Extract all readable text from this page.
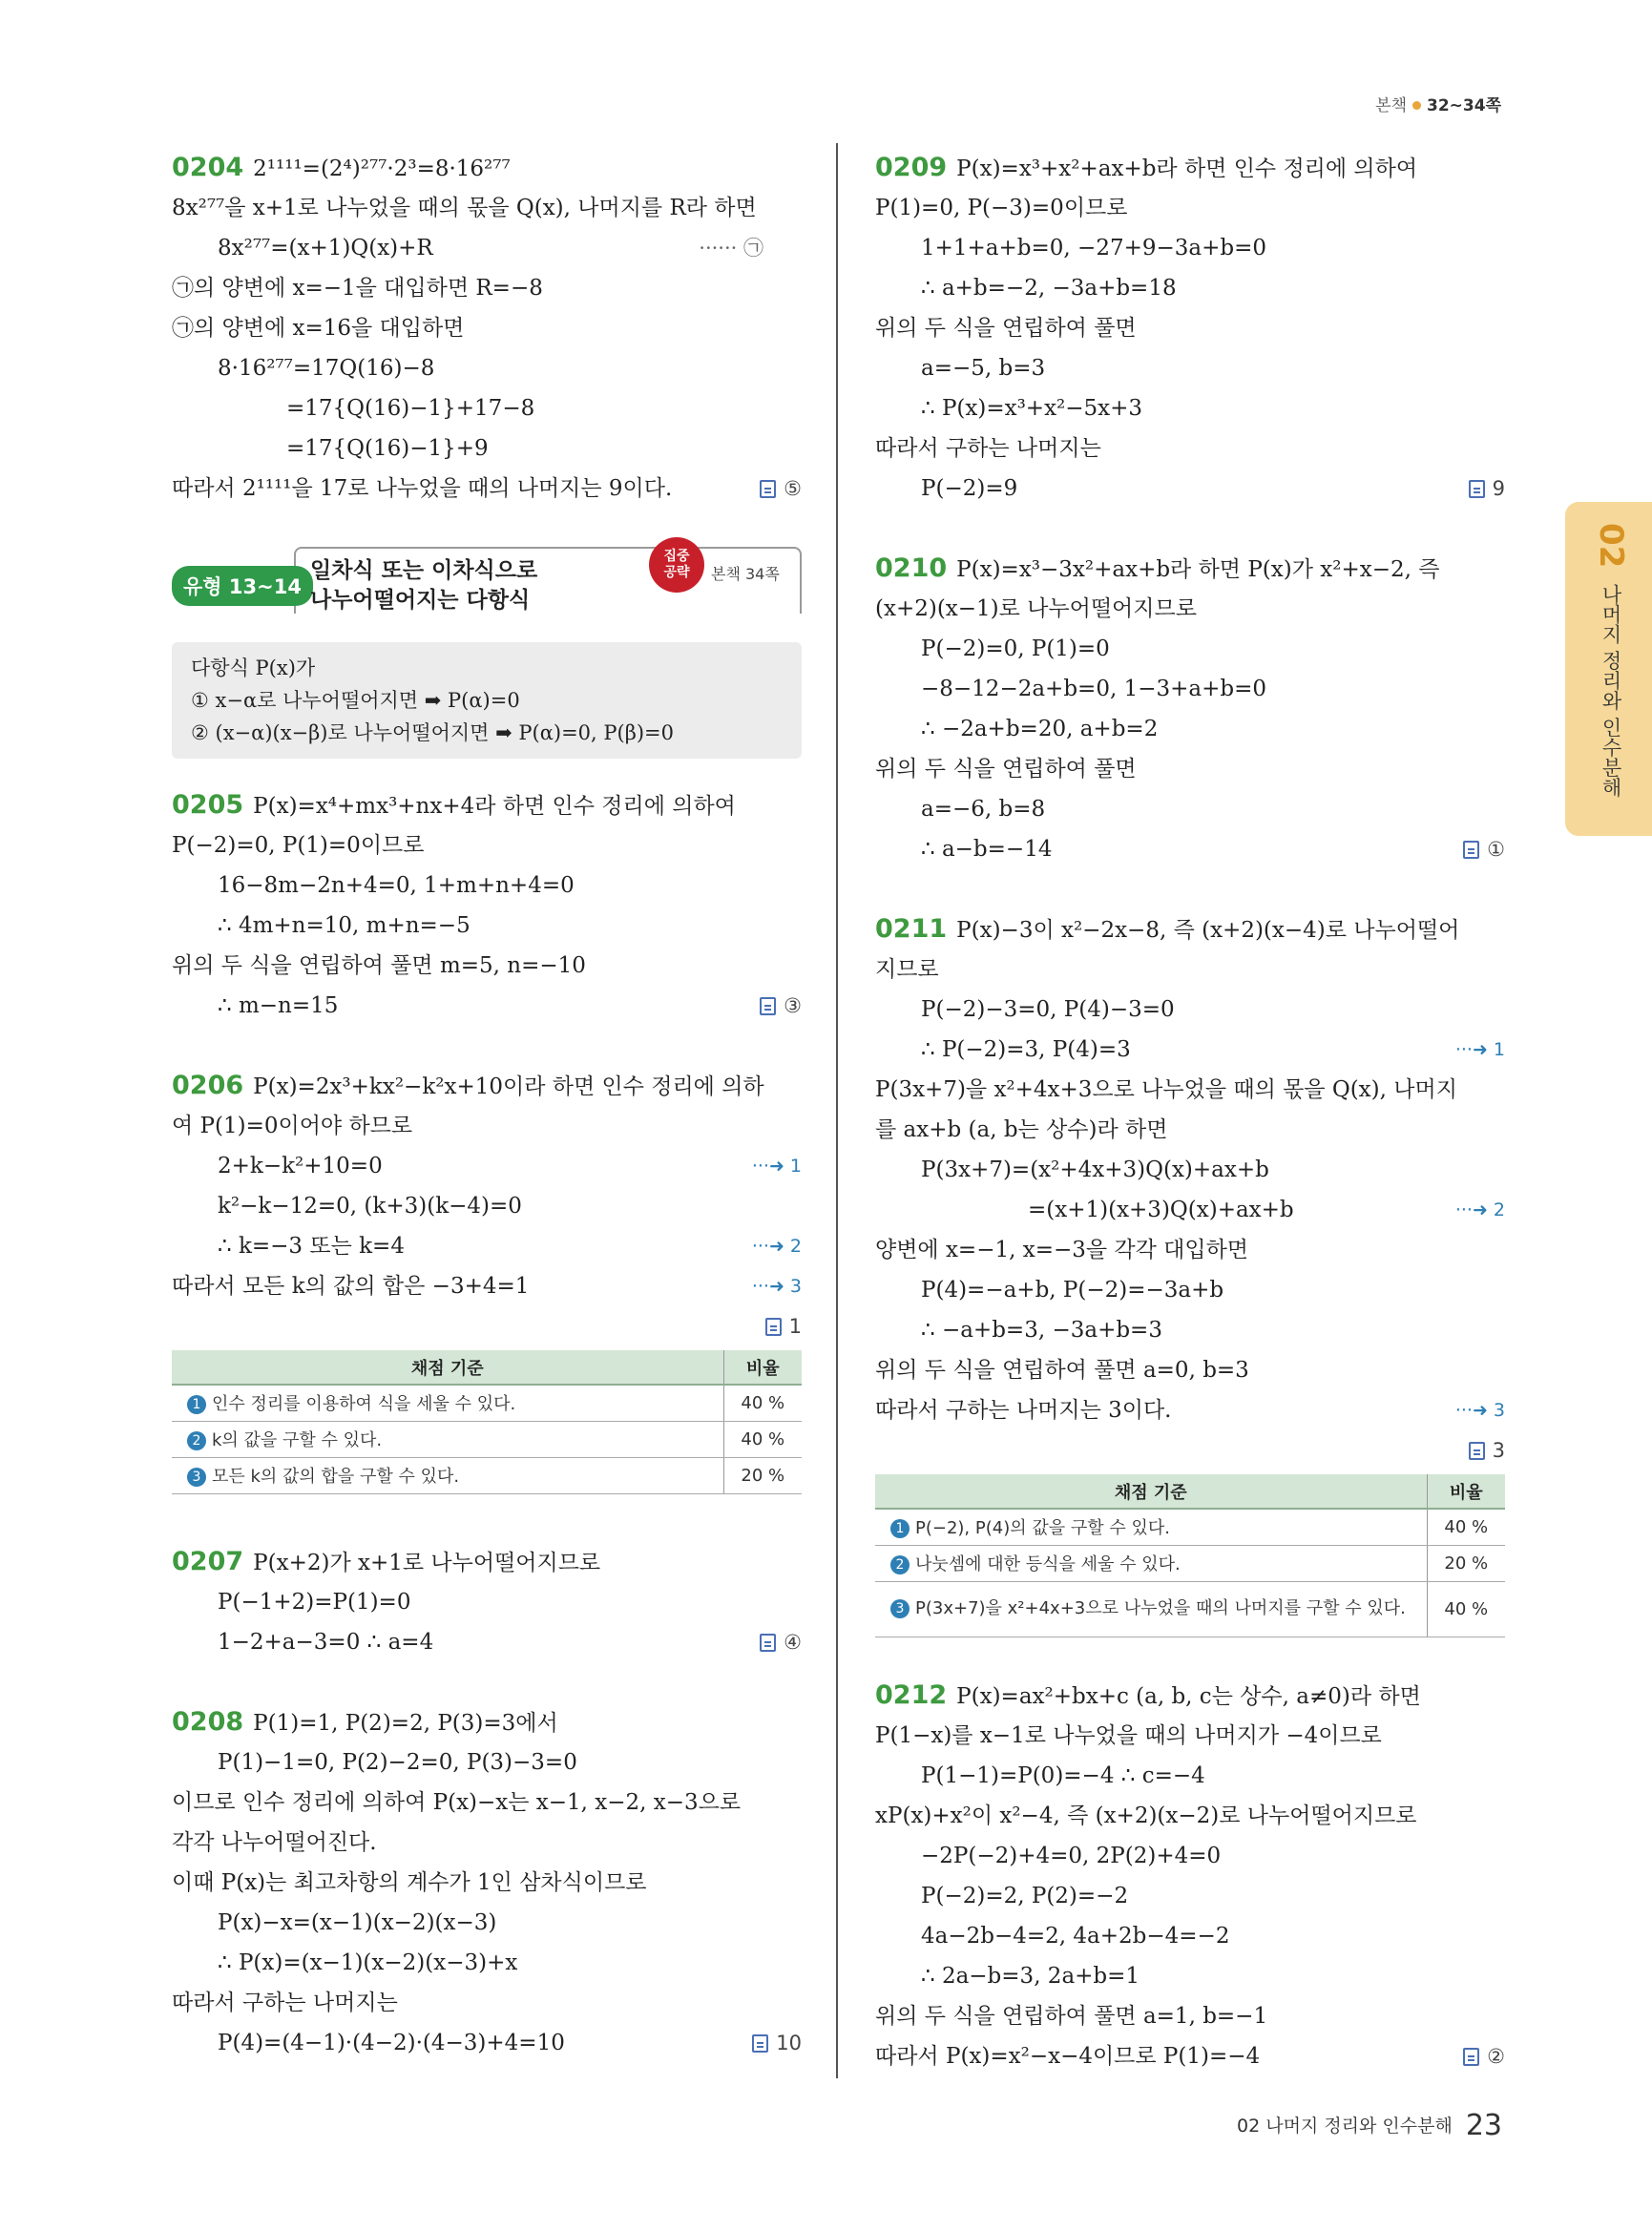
본책 32~34쪽
0204 2¹¹¹¹=(2⁴)²⁷⁷·2³=8·16²⁷⁷
8x²⁷⁷을 x+1로 나누었을 때의 몫을 Q(x), 나머지를 R라 하면
8x²⁷⁷=(x+1)Q(x)+R	······ ㉠
㉠의 양변에 x=−1을 대입하면 R=−8
㉠의 양변에 x=16을 대입하면
8·16²⁷⁷=17Q(16)−8
=17{Q(16)−1}+17−8
=17{Q(16)−1}+9
따라서 2¹¹¹¹을 17로 나누었을 때의 나머지는 9이다.	⑤
유형 13~14
일차식 또는 이차식으로
나누어떨어지는 다항식
집중
공략	본책 34쪽
다항식 P(x)가
① x−α로 나누어떨어지면 ➡ P(α)=0
② (x−α)(x−β)로 나누어떨어지면 ➡ P(α)=0, P(β)=0
0205 P(x)=x⁴+mx³+nx+4라 하면 인수 정리에 의하여
P(−2)=0, P(1)=0이므로
16−8m−2n+4=0, 1+m+n+4=0
∴ 4m+n=10, m+n=−5
위의 두 식을 연립하여 풀면 m=5, n=−10
∴ m−n=15	③
0206 P(x)=2x³+kx²−k²x+10이라 하면 인수 정리에 의하
여 P(1)=0이어야 하므로
2+k−k²+10=0	···➜ 1
k²−k−12=0, (k+3)(k−4)=0
∴ k=−3 또는 k=4	···➜ 2
따라서 모든 k의 값의 합은 −3+4=1	···➜ 3
1
채점 기준	비율
1 인수 정리를 이용하여 식을 세울 수 있다.	40 %
2 k의 값을 구할 수 있다.	40 %
3 모든 k의 값의 합을 구할 수 있다.	20 %
0207 P(x+2)가 x+1로 나누어떨어지므로
P(−1+2)=P(1)=0
1−2+a−3=0 ∴ a=4	④
0208 P(1)=1, P(2)=2, P(3)=3에서
P(1)−1=0, P(2)−2=0, P(3)−3=0
이므로 인수 정리에 의하여 P(x)−x는 x−1, x−2, x−3으로
각각 나누어떨어진다.
이때 P(x)는 최고차항의 계수가 1인 삼차식이므로
P(x)−x=(x−1)(x−2)(x−3)
∴ P(x)=(x−1)(x−2)(x−3)+x
따라서 구하는 나머지는
P(4)=(4−1)·(4−2)·(4−3)+4=10	10
0209 P(x)=x³+x²+ax+b라 하면 인수 정리에 의하여
P(1)=0, P(−3)=0이므로
1+1+a+b=0, −27+9−3a+b=0
∴ a+b=−2, −3a+b=18
위의 두 식을 연립하여 풀면
a=−5, b=3
∴ P(x)=x³+x²−5x+3
따라서 구하는 나머지는
P(−2)=9	9
0210 P(x)=x³−3x²+ax+b라 하면 P(x)가 x²+x−2, 즉
(x+2)(x−1)로 나누어떨어지므로
P(−2)=0, P(1)=0
−8−12−2a+b=0, 1−3+a+b=0
∴ −2a+b=20, a+b=2
위의 두 식을 연립하여 풀면
a=−6, b=8
∴ a−b=−14	①
0211 P(x)−3이 x²−2x−8, 즉 (x+2)(x−4)로 나누어떨어
지므로
P(−2)−3=0, P(4)−3=0
∴ P(−2)=3, P(4)=3	···➜ 1
P(3x+7)을 x²+4x+3으로 나누었을 때의 몫을 Q(x), 나머지
를 ax+b (a, b는 상수)라 하면
P(3x+7)=(x²+4x+3)Q(x)+ax+b
=(x+1)(x+3)Q(x)+ax+b	···➜ 2
양변에 x=−1, x=−3을 각각 대입하면
P(4)=−a+b, P(−2)=−3a+b
∴ −a+b=3, −3a+b=3
위의 두 식을 연립하여 풀면 a=0, b=3
따라서 구하는 나머지는 3이다.	···➜ 3
3
채점 기준	비율
1 P(−2), P(4)의 값을 구할 수 있다.	40 %
2 나눗셈에 대한 등식을 세울 수 있다.	20 %
3 P(3x+7)을 x²+4x+3으로 나누었을 때의 나머지를 구할 수 있다.	40 %
0212 P(x)=ax²+bx+c (a, b, c는 상수, a≠0)라 하면
P(1−x)를 x−1로 나누었을 때의 나머지가 −4이므로
P(1−1)=P(0)=−4 ∴ c=−4
xP(x)+x²이 x²−4, 즉 (x+2)(x−2)로 나누어떨어지므로
−2P(−2)+4=0, 2P(2)+4=0
P(−2)=2, P(2)=−2
4a−2b−4=2, 4a+2b−4=−2
∴ 2a−b=3, 2a+b=1
위의 두 식을 연립하여 풀면 a=1, b=−1
따라서 P(x)=x²−x−4이므로 P(1)=−4	②
02 나머지 정리와 인수분해
02 나머지 정리와 인수분해 23
